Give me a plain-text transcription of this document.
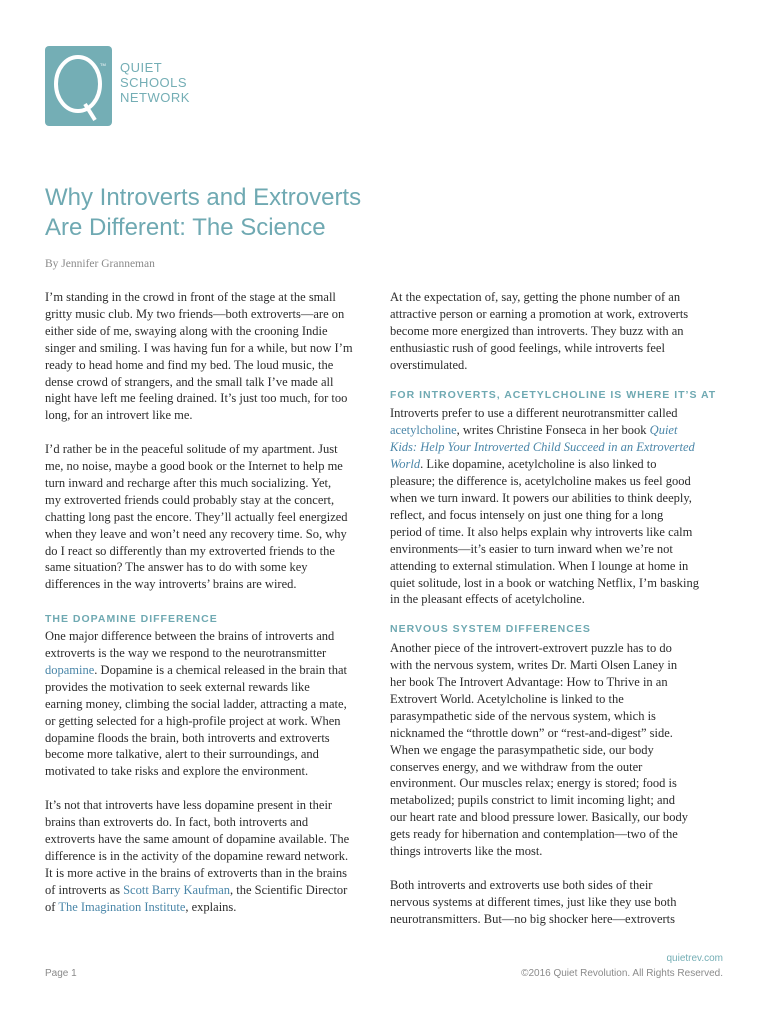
TM QUIET
SCHOOLS
NETWORK
Why Introverts and Extroverts
Are Different: The Science
By Jennifer Granneman

I’m standing in the crowd in front of the stage at the small
gritty music club. My two friends—both extroverts—are on
either side of me, swaying along with the crooning Indie
singer and smiling. I was having fun for a while, but now I’m
ready to head home and find my bed. The loud music, the
dense crowd of strangers, and the small talk I’ve made all
night have left me feeling drained. It’s just too much, for too
long, for an introvert like me.

I’d rather be in the peaceful solitude of my apartment. Just
me, no noise, maybe a good book or the Internet to help me
turn inward and recharge after this much socializing. Yet,
my extroverted friends could probably stay at the concert,
chatting long past the encore. They’ll actually feel energized
when they leave and won’t need any recovery time. So, why
do I react so differently than my extroverted friends to the
same situation? The answer has to do with some key
differences in the way introverts’ brains are wired.

THE DOPAMINE DIFFERENCE

One major difference between the brains of introverts and
extroverts is the way we respond to the neurotransmitter
dopamine. Dopamine is a chemical released in the brain that
provides the motivation to seek external rewards like
earning money, climbing the social ladder, attracting a mate,
or getting selected for a high-profile project at work. When
dopamine floods the brain, both introverts and extroverts
become more talkative, alert to their surroundings, and
motivated to take risks and explore the environment.

It’s not that introverts have less dopamine present in their
brains than extroverts do. In fact, both introverts and
extroverts have the same amount of dopamine available. The
difference is in the activity of the dopamine reward network.
It is more active in the brains of extroverts than in the brains
of introverts as Scott Barry Kaufman, the Scientific Director
of The Imagination Institute, explains.

At the expectation of, say, getting the phone number of an
attractive person or earning a promotion at work, extroverts
become more energized than introverts. They buzz with an
enthusiastic rush of good feelings, while introverts feel
overstimulated.

FOR INTROVERTS, ACETYLCHOLINE IS WHERE IT’S AT

Introverts prefer to use a different neurotransmitter called
acetylcholine, writes Christine Fonseca in her book Quiet
Kids: Help Your Introverted Child Succeed in an Extroverted
World. Like dopamine, acetylcholine is also linked to
pleasure; the difference is, acetylcholine makes us feel good
when we turn inward. It powers our abilities to think deeply,
reflect, and focus intensely on just one thing for a long
period of time. It also helps explain why introverts like calm
environments—it’s easier to turn inward when we’re not
attending to external stimulation. When I lounge at home in
quiet solitude, lost in a book or watching Netflix, I’m basking
in the pleasant effects of acetylcholine.

NERVOUS SYSTEM DIFFERENCES

Another piece of the introvert-extrovert puzzle has to do
with the nervous system, writes Dr. Marti Olsen Laney in
her book The Introvert Advantage: How to Thrive in an
Extrovert World. Acetylcholine is linked to the
parasympathetic side of the nervous system, which is
nicknamed the “throttle down” or “rest-and-digest” side.
When we engage the parasympathetic side, our body
conserves energy, and we withdraw from the outer
environment. Our muscles relax; energy is stored; food is
metabolized; pupils constrict to limit incoming light; and
our heart rate and blood pressure lower. Basically, our body
gets ready for hibernation and contemplation—two of the
things introverts like the most.

Both introverts and extroverts use both sides of their
nervous systems at different times, just like they use both
neurotransmitters. But—no big shocker here—extroverts

quietrev.com
©2016 Quiet Revolution. All Rights Reserved.
Page 1
